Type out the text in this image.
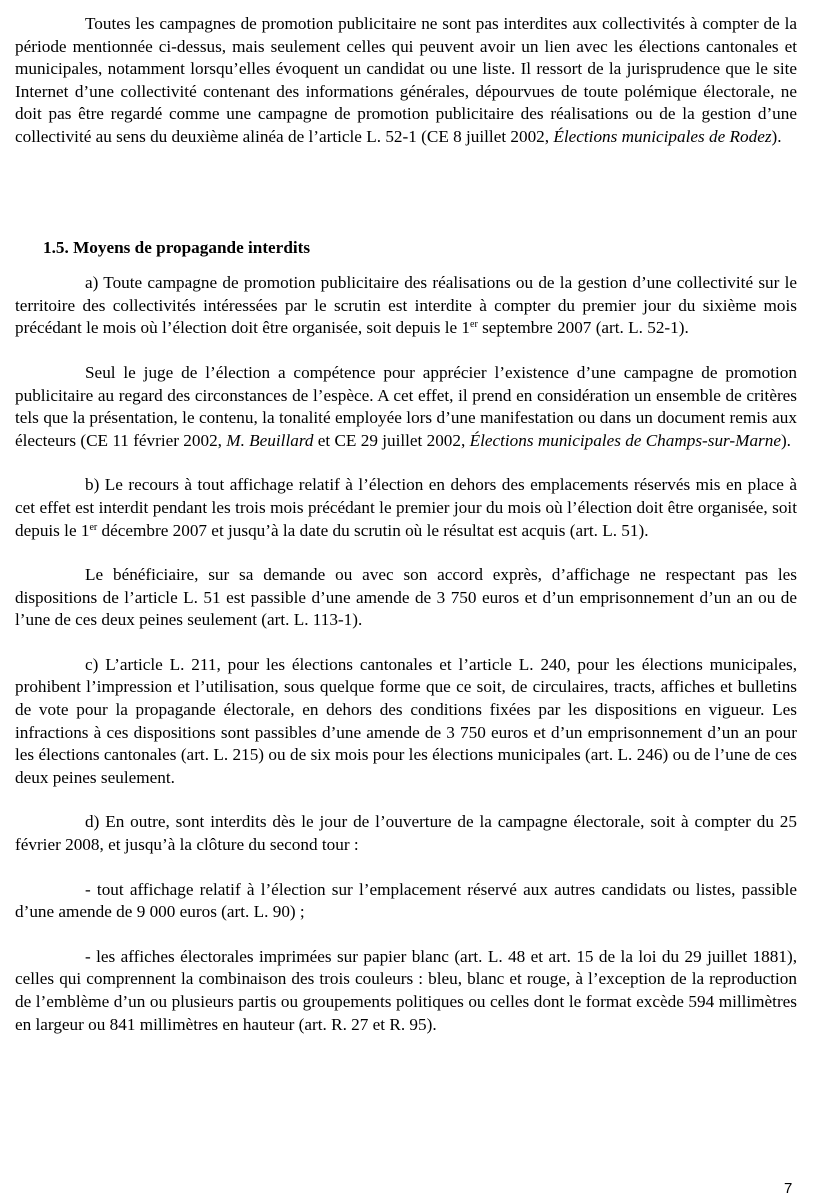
Toutes les campagnes de promotion publicitaire ne sont pas interdites aux collectivités à compter de la période mentionnée ci-dessus, mais seulement celles qui peuvent avoir un lien avec les élections cantonales et municipales, notamment lorsqu’elles évoquent un candidat ou une liste. Il ressort de la jurisprudence que le site Internet d’une collectivité contenant des informations générales, dépourvues de toute polémique électorale, ne doit pas être regardé comme une campagne de promotion publicitaire des réalisations ou de la gestion d’une collectivité au sens du deuxième alinéa de l’article L. 52-1 (CE 8 juillet 2002, Élections municipales de Rodez).

1.5. Moyens de propagande interdits

a) Toute campagne de promotion publicitaire des réalisations ou de la gestion d’une collectivité sur le territoire des collectivités intéressées par le scrutin est interdite à compter du premier jour du sixième mois précédant le mois où l’élection doit être organisée, soit depuis le 1er septembre 2007 (art. L. 52-1).

Seul le juge de l’élection a compétence pour apprécier l’existence d’une campagne de promotion publicitaire au regard des circonstances de l’espèce. A cet effet, il prend en considération un ensemble de critères tels que la présentation, le contenu, la tonalité employée lors d’une manifestation ou dans un document remis aux électeurs (CE 11 février 2002, M. Beuillard et CE 29 juillet 2002, Élections municipales de Champs-sur-Marne).

b) Le recours à tout affichage relatif à l’élection en dehors des emplacements réservés mis en place à cet effet est interdit pendant les trois mois précédant le premier jour du mois où l’élection doit être organisée, soit depuis le 1er décembre 2007 et jusqu’à la date du scrutin où le résultat est acquis (art. L. 51).

Le bénéficiaire, sur sa demande ou avec son accord exprès, d’affichage ne respectant pas les dispositions de l’article L. 51 est passible d’une amende de 3 750 euros et d’un emprisonnement d’un an ou de l’une de ces deux peines seulement (art. L. 113-1).

c) L’article L. 211, pour les élections cantonales et l’article L. 240, pour les élections municipales, prohibent l’impression et l’utilisation, sous quelque forme que ce soit, de circulaires, tracts, affiches et bulletins de vote pour la propagande électorale, en dehors des conditions fixées par les dispositions en vigueur. Les infractions à ces dispositions sont passibles d’une amende de 3 750 euros et d’un emprisonnement d’un an pour les élections cantonales (art. L. 215) ou de six mois pour les élections municipales (art. L. 246) ou de l’une de ces deux peines seulement.

d) En outre, sont interdits dès le jour de l’ouverture de la campagne électorale, soit à compter du 25 février 2008, et jusqu’à la clôture du second tour :

- tout affichage relatif à l’élection sur l’emplacement réservé aux autres candidats ou listes, passible d’une amende de 9 000 euros (art. L. 90) ;

- les affiches électorales imprimées sur papier blanc (art. L. 48 et art. 15 de la loi du 29 juillet 1881), celles qui comprennent la combinaison des trois couleurs : bleu, blanc et rouge, à l’exception de la reproduction de l’emblème d’un ou plusieurs partis ou groupements politiques ou celles dont le format excède 594 millimètres en largeur ou 841 millimètres en hauteur (art. R. 27 et R. 95).

7
